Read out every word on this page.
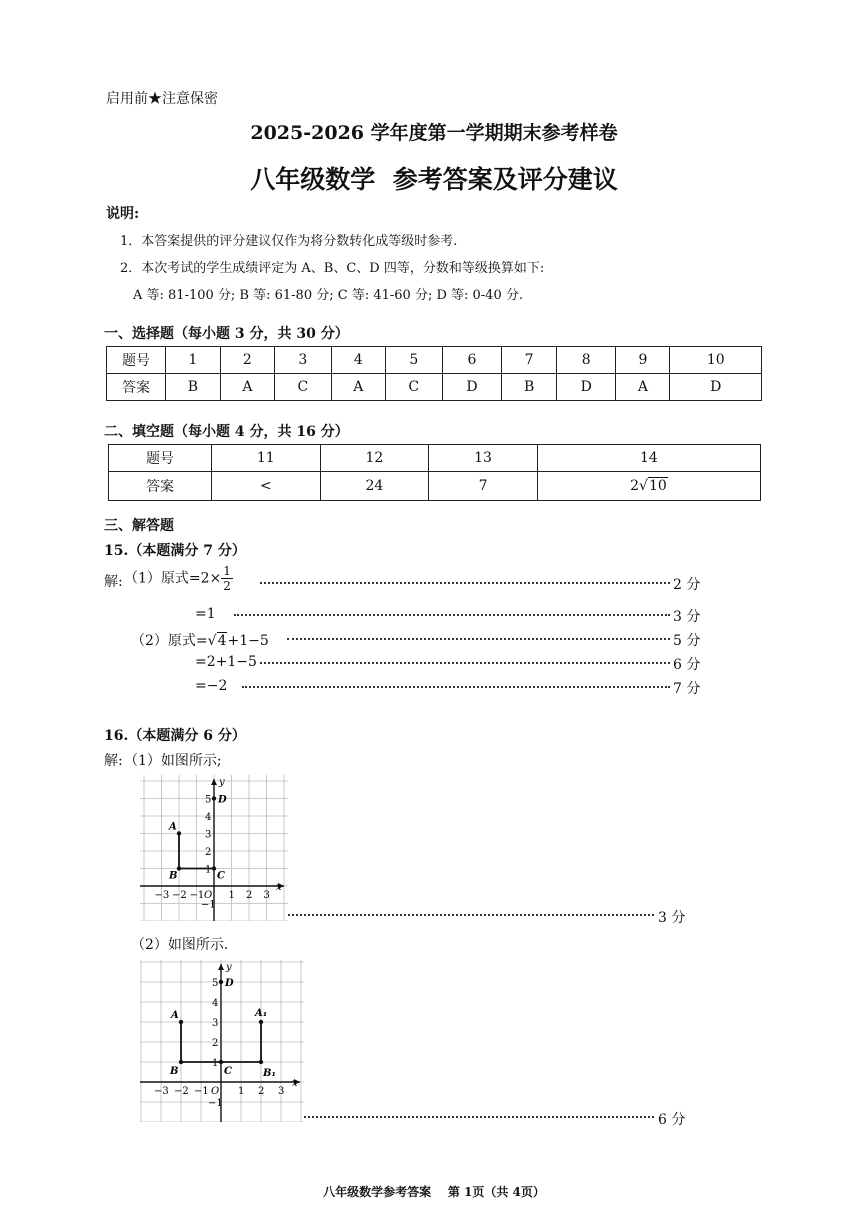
启用前★注意保密
2025-2026 学年度第一学期期末参考样卷
八年级数学  参考答案及评分建议
说明:
1．本答案提供的评分建议仅作为将分数转化成等级时参考.
2．本次考试的学生成绩评定为 A、B、C、D 四等，分数和等级换算如下:
A 等: 81-100 分; B 等: 61-80 分; C 等: 41-60 分; D 等: 0-40 分.
一、选择题（每小题 3 分，共 30 分）
题号	1	2	3	4	5	6	7	8	9	10
答案	B	A	C	A	C	D	B	D	A	D
二、填空题（每小题 4 分，共 16 分）
题号	11	12	13	14
答案	<	24	7	2√10
三、解答题
15.（本题满分 7 分）
解: （1）原式$=2\times \frac{1}{2}$	2 分
=1	3 分
（2）原式=√4+1−5	5 分
=2+1−5	6 分
=−2	7 分
16.（本题满分 6 分）
解: （1）如图所示;
x
y
O
−3 −2 −1 1 2 3
5
4
3
2
1
−1
A
B	C
D
3 分
（2）如图所示.
x
y
O
−3 −2 −1	1 2 3
5
4
3
2
1
−1
A
B	C
D
A₁
B₁
6 分
八年级数学参考答案    第 1页（共 4页）
